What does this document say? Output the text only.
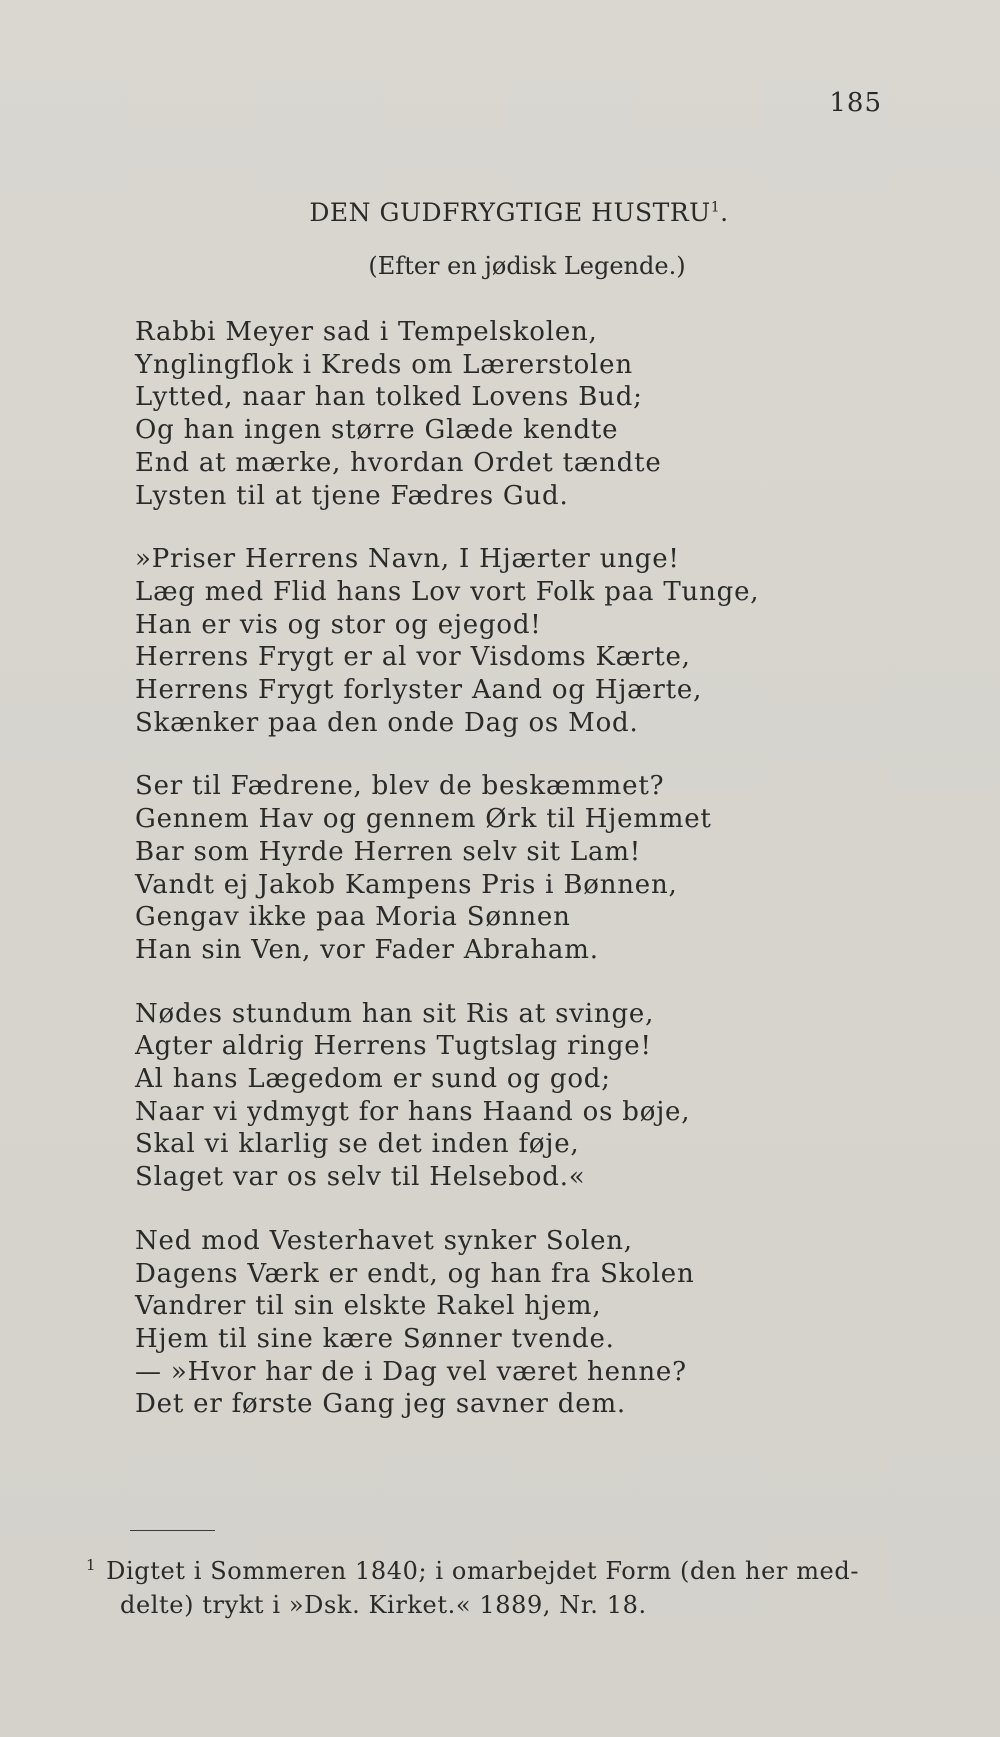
185
DEN GUDFRYGTIGE HUSTRU$^1$.
(Efter en jødisk Legende.)
Rabbi Meyer sad i Tempelskolen,
Ynglingflok i Kreds om Lærerstolen
Lytted, naar han tolked Lovens Bud;
Og han ingen større Glæde kendte
End at mærke, hvordan Ordet tændte
Lysten til at tjene Fædres Gud.
»Priser Herrens Navn, I Hjærter unge!
Læg med Flid hans Lov vort Folk paa Tunge,
Han er vis og stor og ejegod!
Herrens Frygt er al vor Visdoms Kærte,
Herrens Frygt forlyster Aand og Hjærte,
Skænker paa den onde Dag os Mod.
Ser til Fædrene, blev de beskæmmet?
Gennem Hav og gennem Ørk til Hjemmet
Bar som Hyrde Herren selv sit Lam!
Vandt ej Jakob Kampens Pris i Bønnen,
Gengav ikke paa Moria Sønnen
Han sin Ven, vor Fader Abraham.
Nødes stundum han sit Ris at svinge,
Agter aldrig Herrens Tugtslag ringe!
Al hans Lægedom er sund og god;
Naar vi ydmygt for hans Haand os bøje,
Skal vi klarlig se det inden føje,
Slaget var os selv til Helsebod.«
Ned mod Vesterhavet synker Solen,
Dagens Værk er endt, og han fra Skolen
Vandrer til sin elskte Rakel hjem,
Hjem til sine kære Sønner tvende.
— »Hvor har de i Dag vel været henne?
Det er første Gang jeg savner dem.
$^1$ Digtet i Sommeren 1840; i omarbejdet Form (den her med-
delte) trykt i »Dsk. Kirket.« 1889, Nr. 18.
